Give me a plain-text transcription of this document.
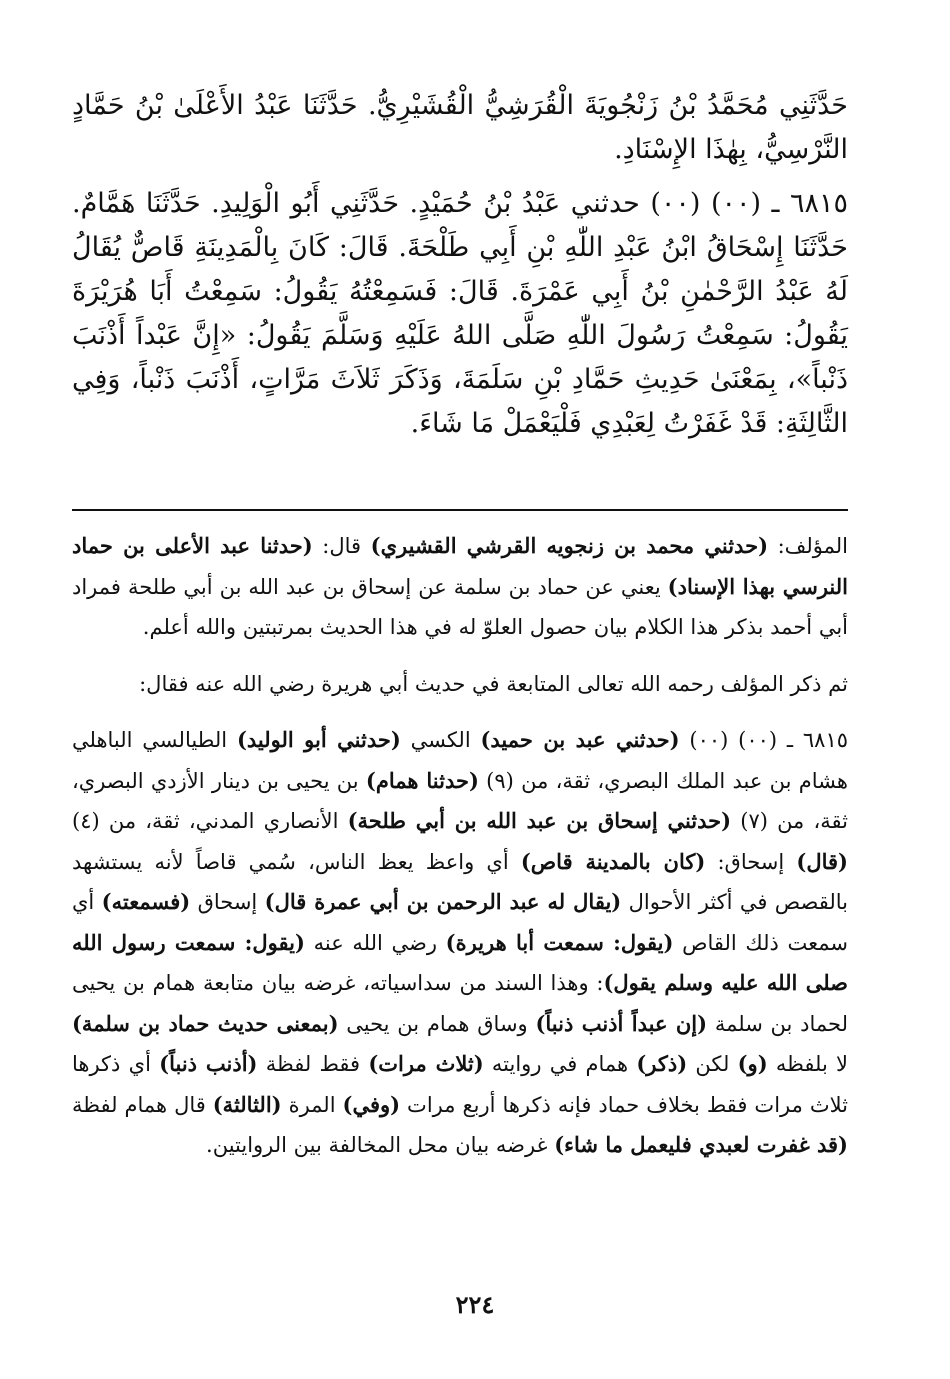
حَدَّثَنِي مُحَمَّدُ بْنُ زَنْجُويَةَ الْقُرَشِيُّ الْقُشَيْرِيُّ. حَدَّثَنَا عَبْدُ الأَعْلَىٰ بْنُ حَمَّادٍ النَّرْسِيُّ، بِهٰذَا الإِسْنَادِ.

٦٨١٥ ـ (٠٠) (٠٠) حدثني عَبْدُ بْنُ حُمَيْدٍ. حَدَّثَنِي أَبُو الْوَلِيدِ. حَدَّثَنَا هَمَّامٌ. حَدَّثَنَا إِسْحَاقُ ابْنُ عَبْدِ اللّٰهِ بْنِ أَبِي طَلْحَةَ. قَالَ: كَانَ بِالْمَدِينَةِ قَاصٌّ يُقَالُ لَهُ عَبْدُ الرَّحْمٰنِ بْنُ أَبِي عَمْرَةَ. قَالَ: فَسَمِعْتُهُ يَقُولُ: سَمِعْتُ أَبَا هُرَيْرَةَ يَقُولُ: سَمِعْتُ رَسُولَ اللّٰهِ صَلَّى اللهُ عَلَيْهِ وَسَلَّمَ يَقُولُ: «إِنَّ عَبْداً أَذْنَبَ ذَنْباً»، بِمَعْنَىٰ حَدِيثِ حَمَّادِ بْنِ سَلَمَةَ، وَذَكَرَ ثَلاَثَ مَرَّاتٍ، أَذْنَبَ ذَنْباً، وَفِي الثَّالِثَةِ: قَدْ غَفَرْتُ لِعَبْدِي فَلْيَعْمَلْ مَا شَاءَ.

المؤلف: (حدثني محمد بن زنجويه القرشي القشيري) قال: (حدثنا عبد الأعلى بن حماد النرسي بهذا الإسناد) يعني عن حماد بن سلمة عن إسحاق بن عبد الله بن أبي طلحة فمراد أبي أحمد بذكر هذا الكلام بيان حصول العلوّ له في هذا الحديث بمرتبتين والله أعلم.

ثم ذكر المؤلف رحمه الله تعالى المتابعة في حديث أبي هريرة رضي الله عنه فقال:

٦٨١٥ ـ (٠٠) (٠٠) (حدثني عبد بن حميد) الكسي (حدثني أبو الوليد) الطيالسي الباهلي هشام بن عبد الملك البصري، ثقة، من (٩) (حدثنا همام) بن يحيى بن دينار الأزدي البصري، ثقة، من (٧) (حدثني إسحاق بن عبد الله بن أبي طلحة) الأنصاري المدني، ثقة، من (٤) (قال) إسحاق: (كان بالمدينة قاص) أي واعظ يعظ الناس، سُمي قاصاً لأنه يستشهد بالقصص في أكثر الأحوال (يقال له عبد الرحمن بن أبي عمرة قال) إسحاق (فسمعته) أي سمعت ذلك القاص (يقول: سمعت أبا هريرة) رضي الله عنه (يقول: سمعت رسول الله صلى الله عليه وسلم يقول): وهذا السند من سداسياته، غرضه بيان متابعة همام بن يحيى لحماد بن سلمة (إن عبداً أذنب ذنباً) وساق همام بن يحيى (بمعنى حديث حماد بن سلمة) لا بلفظه (و) لكن (ذكر) همام في روايته (ثلاث مرات) فقط لفظة (أذنب ذنباً) أي ذكرها ثلاث مرات فقط بخلاف حماد فإنه ذكرها أربع مرات (وفي) المرة (الثالثة) قال همام لفظة (قد غفرت لعبدي فليعمل ما شاء) غرضه بيان محل المخالفة بين الروايتين.

٢٢٤
